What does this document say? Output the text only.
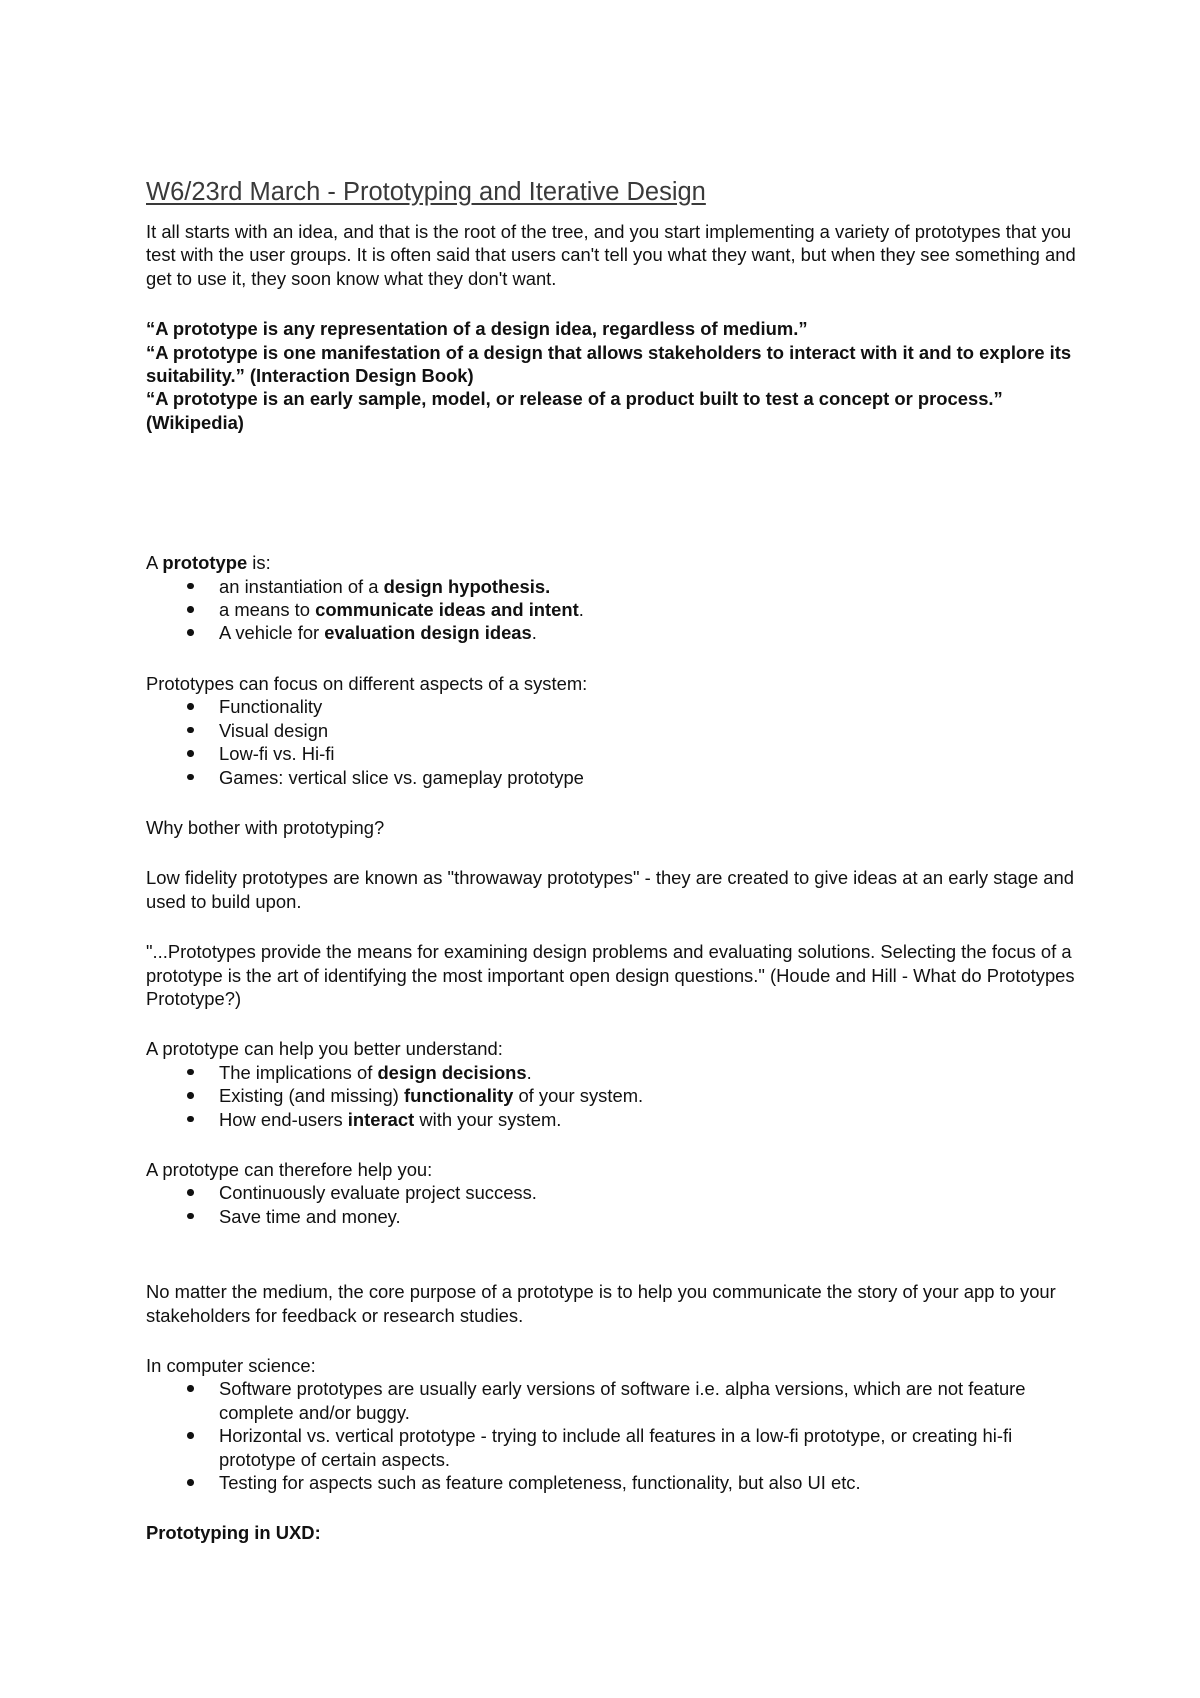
W6/23rd March - Prototyping and Iterative Design

It all starts with an idea, and that is the root of the tree, and you start implementing a variety of prototypes that you test with the user groups. It is often said that users can't tell you what they want, but when they see something and get to use it, they soon know what they don't want.

“A prototype is any representation of a design idea, regardless of medium.”

“A prototype is one manifestation of a design that allows stakeholders to interact with it and to explore its suitability.” (Interaction Design Book)

“A prototype is an early sample, model, or release of a product built to test a concept or process.” (Wikipedia)

A prototype is:

an instantiation of a design hypothesis.
a means to communicate ideas and intent.
A vehicle for evaluation design ideas.

Prototypes can focus on different aspects of a system:

Functionality
Visual design
Low-fi vs. Hi-fi
Games: vertical slice vs. gameplay prototype

Why bother with prototyping?

Low fidelity prototypes are known as "throwaway prototypes" - they are created to give ideas at an early stage and used to build upon.

"...Prototypes provide the means for examining design problems and evaluating solutions. Selecting the focus of a prototype is the art of identifying the most important open design questions." (Houde and Hill - What do Prototypes Prototype?)

A prototype can help you better understand:

The implications of design decisions.
Existing (and missing) functionality of your system.
How end-users interact with your system.

A prototype can therefore help you:

Continuously evaluate project success.
Save time and money.

No matter the medium, the core purpose of a prototype is to help you communicate the story of your app to your stakeholders for feedback or research studies.

In computer science:

Software prototypes are usually early versions of software i.e. alpha versions, which are not feature complete and/or buggy.
Horizontal vs. vertical prototype - trying to include all features in a low-fi prototype, or creating hi-fi prototype of certain aspects.
Testing for aspects such as feature completeness, functionality, but also UI etc.

Prototyping in UXD:
